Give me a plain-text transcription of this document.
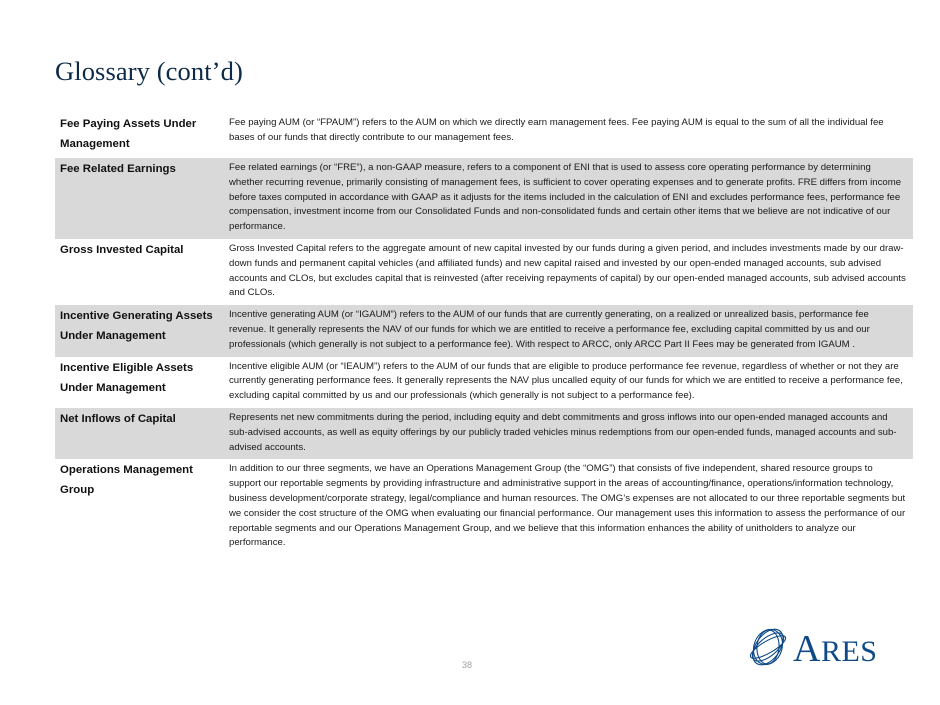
Glossary (cont’d)
Fee Paying Assets Under Management	Fee paying AUM (or “FPAUM”) refers to the AUM on which we directly earn management fees. Fee paying AUM is equal to the sum of all the individual fee bases of our funds that directly contribute to our management fees.
Fee Related Earnings	Fee related earnings (or “FRE”), a non-GAAP measure, refers to a component of ENI that is used to assess core operating performance by determining whether recurring revenue, primarily consisting of management fees, is sufficient to cover operating expenses and to generate profits. FRE differs from income before taxes computed in accordance with GAAP as it adjusts for the items included in the calculation of ENI and excludes performance fees, performance fee compensation, investment income from our Consolidated Funds and non-consolidated funds and certain other items that we believe are not indicative of our performance.
Gross Invested Capital	Gross Invested Capital refers to the aggregate amount of new capital invested by our funds during a given period, and includes investments made by our draw-down funds and permanent capital vehicles (and affiliated funds) and new capital raised and invested by our open-ended managed accounts, sub advised accounts and CLOs, but excludes capital that is reinvested (after receiving repayments of capital) by our open-ended managed accounts, sub advised accounts and CLOs.
Incentive Generating Assets Under Management	Incentive generating AUM (or “IGAUM”) refers to the AUM of our funds that are currently generating, on a realized or unrealized basis, performance fee revenue. It generally represents the NAV of our funds for which we are entitled to receive a performance fee, excluding capital committed by us and our professionals (which generally is not subject to a performance fee). With respect to ARCC, only ARCC Part II Fees may be generated from IGAUM .
Incentive Eligible Assets Under Management	Incentive eligible AUM (or “IEAUM”) refers to the AUM of our funds that are eligible to produce performance fee revenue, regardless of whether or not they are currently generating performance fees. It generally represents the NAV plus uncalled equity of our funds for which we are entitled to receive a performance fee, excluding capital committed by us and our professionals (which generally is not subject to a performance fee).
Net Inflows of Capital	Represents net new commitments during the period, including equity and debt commitments and gross inflows into our open-ended managed accounts and sub-advised accounts, as well as equity offerings by our publicly traded vehicles minus redemptions from our open-ended funds, managed accounts and sub-advised accounts.
Operations Management Group	In addition to our three segments, we have an Operations Management Group (the “OMG”) that consists of five independent, shared resource groups to support our reportable segments by providing infrastructure and administrative support in the areas of accounting/finance, operations/information technology, business development/corporate strategy, legal/compliance and human resources. The OMG’s expenses are not allocated to our three reportable segments but we consider the cost structure of the OMG when evaluating our financial performance. Our management uses this information to assess the performance of our reportable segments and our Operations Management Group, and we believe that this information enhances the ability of unitholders to analyze our performance.
38	ARES
